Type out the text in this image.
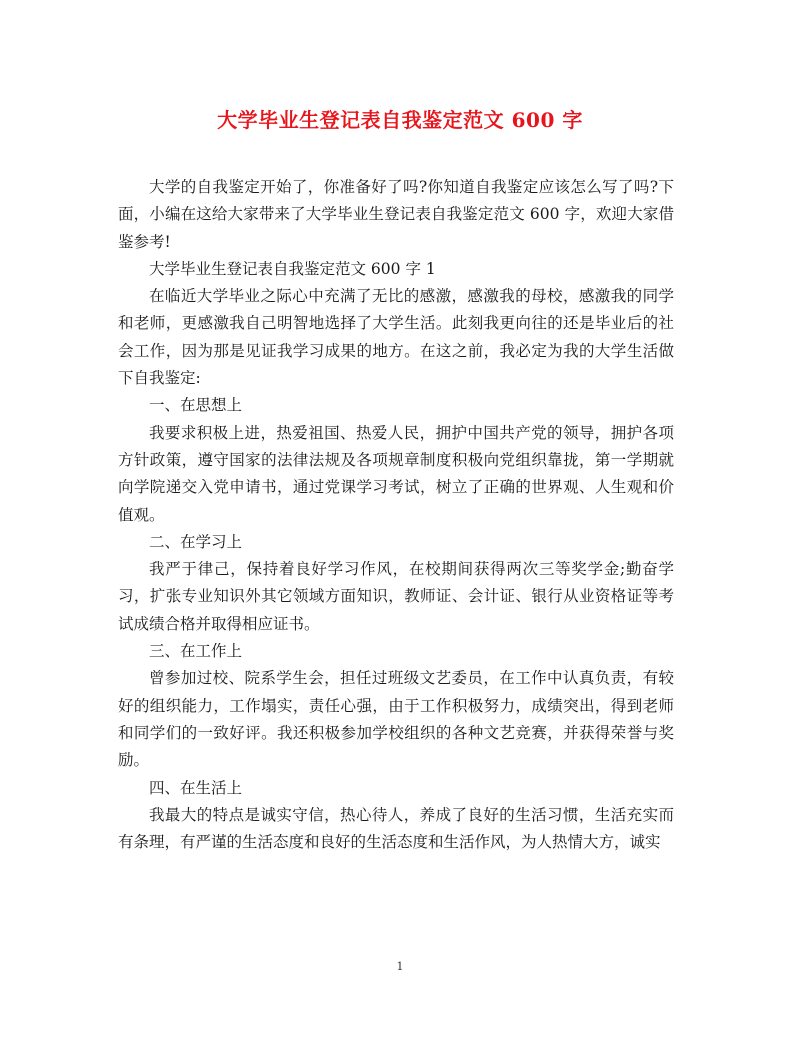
大学毕业生登记表自我鉴定范文 600 字

大学的自我鉴定开始了，你准备好了吗?你知道自我鉴定应该怎么写了吗?下面，小编在这给大家带来了大学毕业生登记表自我鉴定范文 600 字，欢迎大家借鉴参考!

大学毕业生登记表自我鉴定范文 600 字 1

在临近大学毕业之际心中充满了无比的感激，感激我的母校，感激我的同学和老师，更感激我自己明智地选择了大学生活。此刻我更向往的还是毕业后的社会工作，因为那是见证我学习成果的地方。在这之前，我必定为我的大学生活做下自我鉴定:

一、在思想上

我要求积极上进，热爱祖国、热爱人民，拥护中国共产党的领导，拥护各项方针政策，遵守国家的法律法规及各项规章制度积极向党组织靠拢，第一学期就向学院递交入党申请书，通过党课学习考试，树立了正确的世界观、人生观和价值观。

二、在学习上

我严于律己，保持着良好学习作风，在校期间获得两次三等奖学金;勤奋学习，扩张专业知识外其它领域方面知识，教师证、会计证、银行从业资格证等考试成绩合格并取得相应证书。

三、在工作上

曾参加过校、院系学生会，担任过班级文艺委员，在工作中认真负责，有较好的组织能力，工作塌实，责任心强，由于工作积极努力，成绩突出，得到老师和同学们的一致好评。我还积极参加学校组织的各种文艺竞赛，并获得荣誉与奖励。

四、在生活上

我最大的特点是诚实守信，热心待人，养成了良好的生活习惯，生活充实而有条理，有严谨的生活态度和良好的生活态度和生活作风，为人热情大方，诚实

1
